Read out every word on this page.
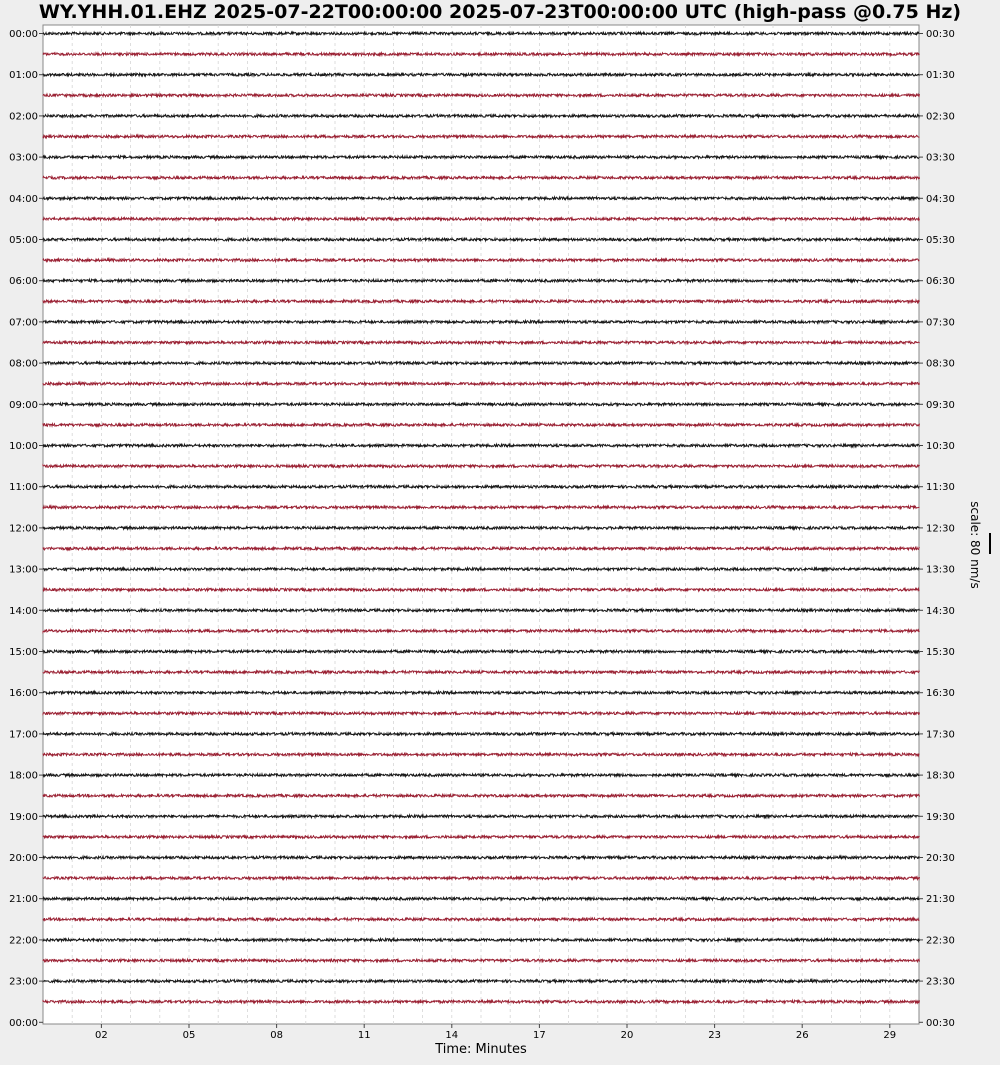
WY.YHH.01.EHZ 2025-07-22T00:00:00 2025-07-23T00:00:00 UTC (high-pass @0.75 Hz)
00:00
01:00
02:00
03:00
04:00
05:00
06:00
07:00
08:00
09:00
10:00
11:00
12:00
13:00
14:00
15:00
16:00
17:00
18:00
19:00
20:00
21:00
22:00
23:00
00:00
00:30
01:30
02:30
03:30
04:30
05:30
06:30
07:30
08:30
09:30
10:30
11:30
12:30
13:30
14:30
15:30
16:30
17:30
18:30
19:30
20:30
21:30
22:30
23:30
00:30
02	05	08	11	14	17	20	23	26	29
Time: Minutes
scale: 80 nm/s
